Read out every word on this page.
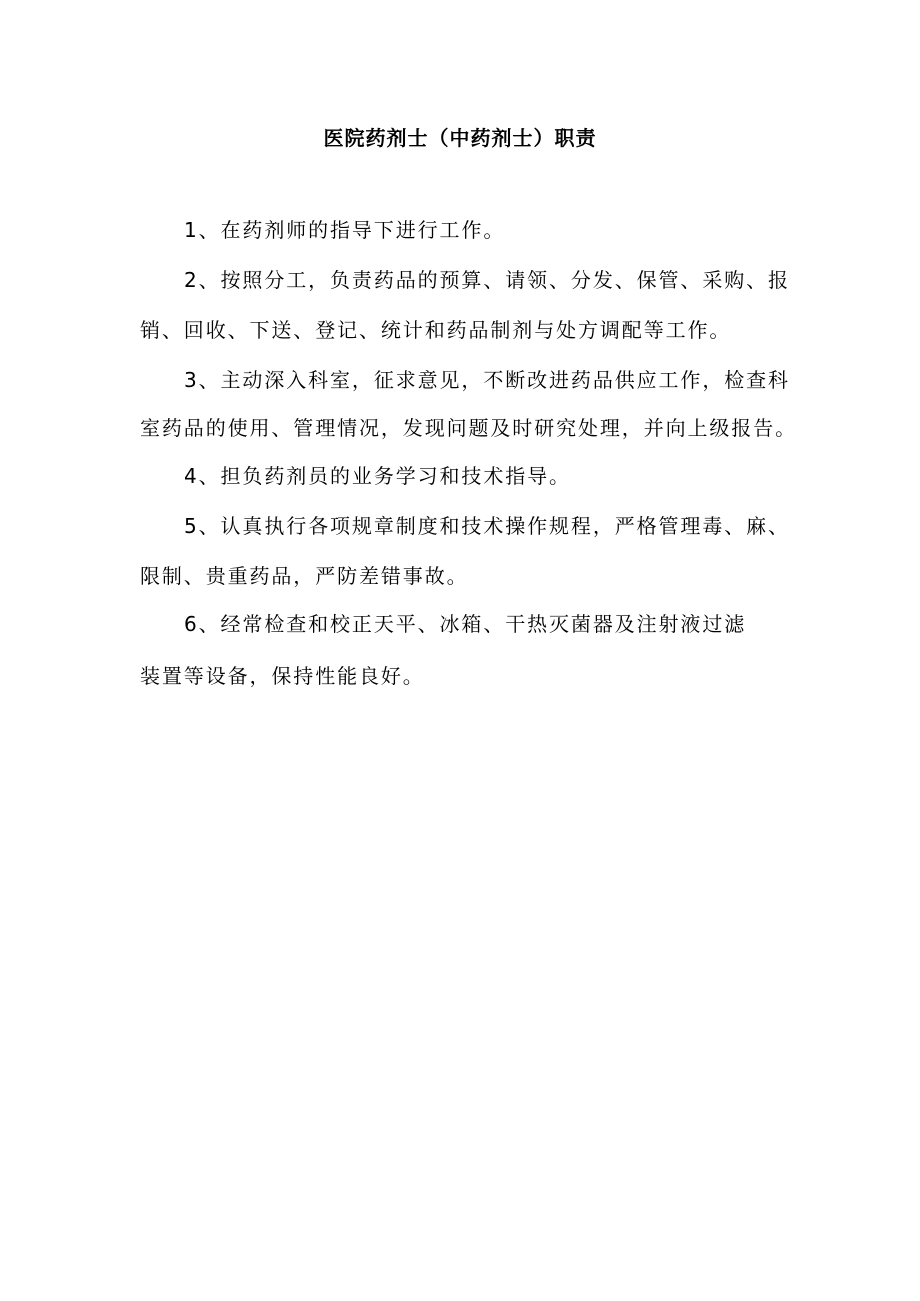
医院药剂士（中药剂士）职责
1、在药剂师的指导下进行工作。
2、按照分工，负责药品的预算、请领、分发、保管、采购、报
销、回收、下送、登记、统计和药品制剂与处方调配等工作。
3、主动深入科室，征求意见，不断改进药品供应工作，检查科
室药品的使用、管理情况，发现问题及时研究处理，并向上级报告。
4、担负药剂员的业务学习和技术指导。
5、认真执行各项规章制度和技术操作规程，严格管理毒、麻、
限制、贵重药品，严防差错事故。
6、经常检查和校正天平、冰箱、干热灭菌器及注射液过滤
装置等设备，保持性能良好。
